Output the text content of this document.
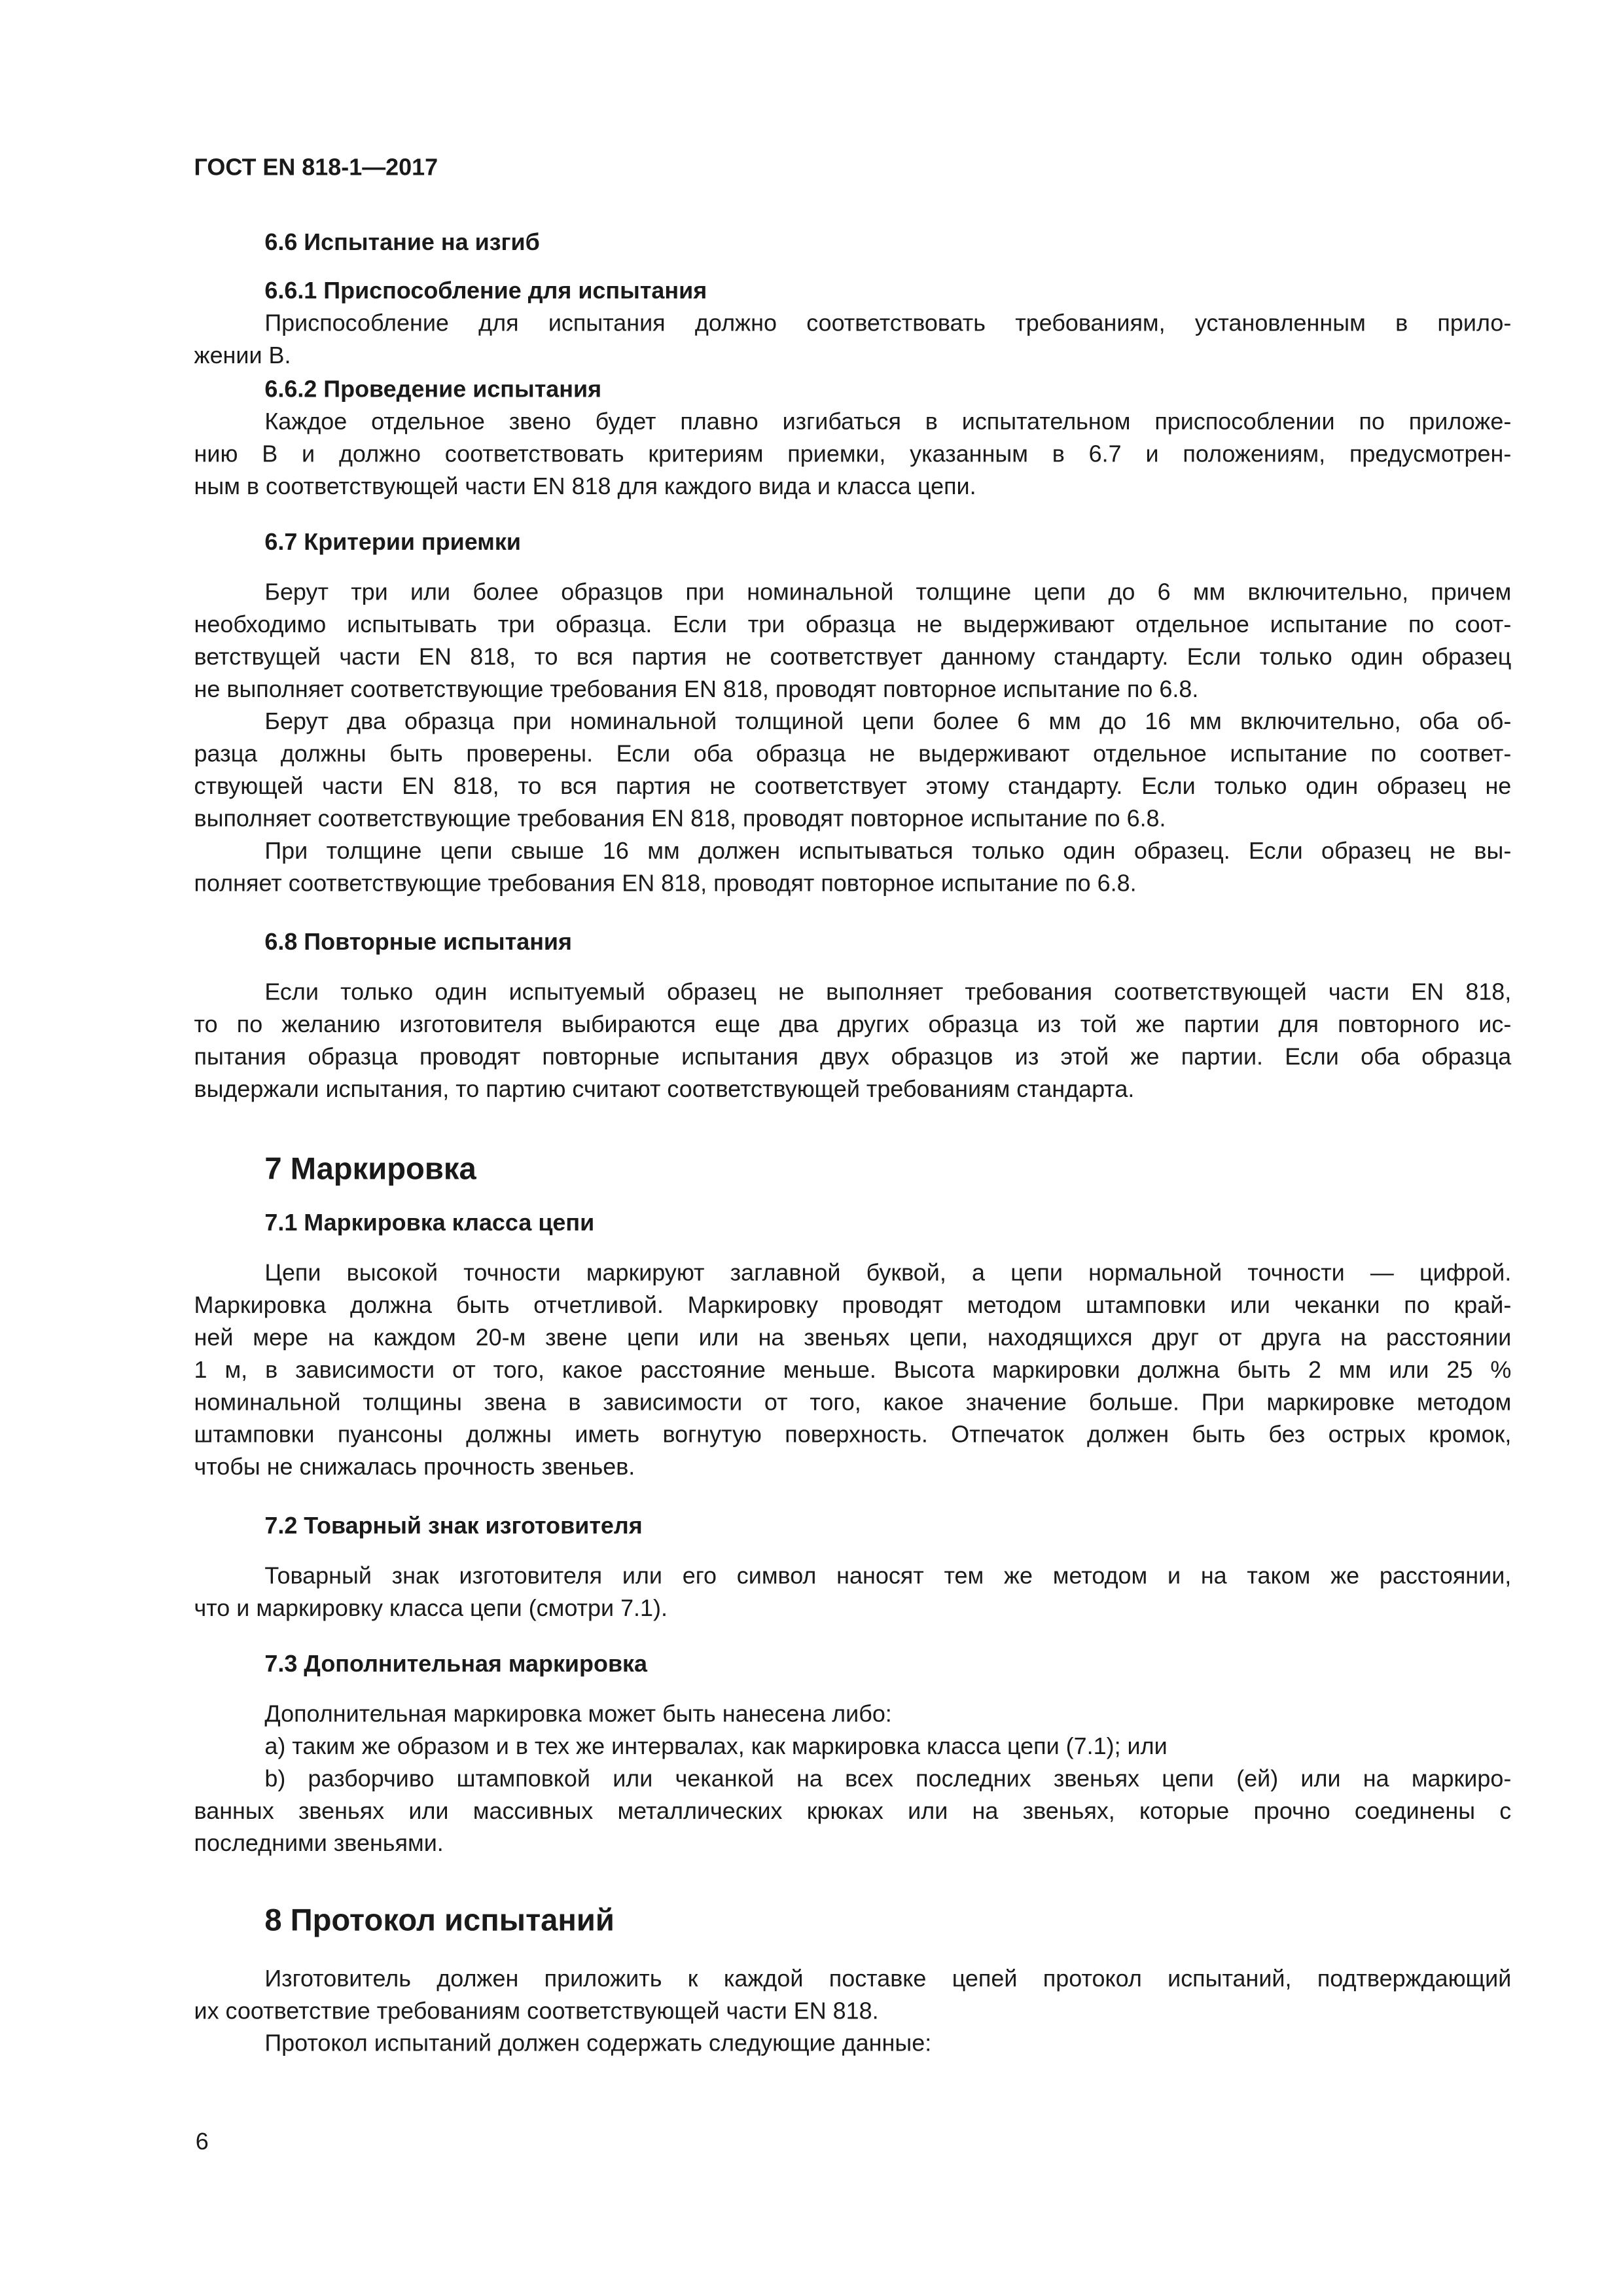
ГОСТ EN 818-1—2017
6.6 Испытание на изгиб
6.6.1 Приспособление для испытания
Приспособление для испытания должно соответствовать требованиям, установленным в прило-
жении В.
6.6.2 Проведение испытания
Каждое отдельное звено будет плавно изгибаться в испытательном приспособлении по приложе-
нию В и должно соответствовать критериям приемки, указанным в 6.7 и положениям, предусмотрен-
ным в соответствующей части EN 818 для каждого вида и класса цепи.
6.7 Критерии приемки
Берут три или более образцов при номинальной толщине цепи до 6 мм включительно, причем
необходимо испытывать три образца. Если три образца не выдерживают отдельное испытание по соот-
ветствущей части EN 818, то вся партия не соответствует данному стандарту. Если только один образец
не выполняет соответствующие требования EN 818, проводят повторное испытание по 6.8.
Берут два образца при номинальной толщиной цепи более 6 мм до 16 мм включительно, оба об-
разца должны быть проверены. Если оба образца не выдерживают отдельное испытание по соответ-
ствующей части EN 818, то вся партия не соответствует этому стандарту. Если только один образец не
выполняет соответствующие требования EN 818, проводят повторное испытание по 6.8.
При толщине цепи свыше 16 мм должен испытываться только один образец. Если образец не вы-
полняет соответствующие требования EN 818, проводят повторное испытание по 6.8.
6.8 Повторные испытания
Если только один испытуемый образец не выполняет требования соответствующей части EN 818,
то по желанию изготовителя выбираются еще два других образца из той же партии для повторного ис-
пытания образца проводят повторные испытания двух образцов из этой же партии. Если оба образца
выдержали испытания, то партию считают соответствующей требованиям стандарта.
7 Маркировка
7.1 Маркировка класса цепи
Цепи высокой точности маркируют заглавной буквой, а цепи нормальной точности — цифрой.
Маркировка должна быть отчетливой. Маркировку проводят методом штамповки или чеканки по край-
ней мере на каждом 20-м звене цепи или на звеньях цепи, находящихся друг от друга на расстоянии
1 м, в зависимости от того, какое расстояние меньше. Высота маркировки должна быть 2 мм или 25 %
номинальной толщины звена в зависимости от того, какое значение больше. При маркировке методом
штамповки пуансоны должны иметь вогнутую поверхность. Отпечаток должен быть без острых кромок,
чтобы не снижалась прочность звеньев.
7.2 Товарный знак изготовителя
Товарный знак изготовителя или его символ наносят тем же методом и на таком же расстоянии,
что и маркировку класса цепи (смотри 7.1).
7.3 Дополнительная маркировка
Дополнительная маркировка может быть нанесена либо:
а) таким же образом и в тех же интервалах, как маркировка класса цепи (7.1); или
b) разборчиво штамповкой или чеканкой на всех последних звеньях цепи (ей) или на маркиро-
ванных звеньях или массивных металлических крюках или на звеньях, которые прочно соединены с
последними звеньями.
8 Протокол испытаний
Изготовитель должен приложить к каждой поставке цепей протокол испытаний, подтверждающий
их соответствие требованиям соответствующей части EN 818.
Протокол испытаний должен содержать следующие данные:
6
